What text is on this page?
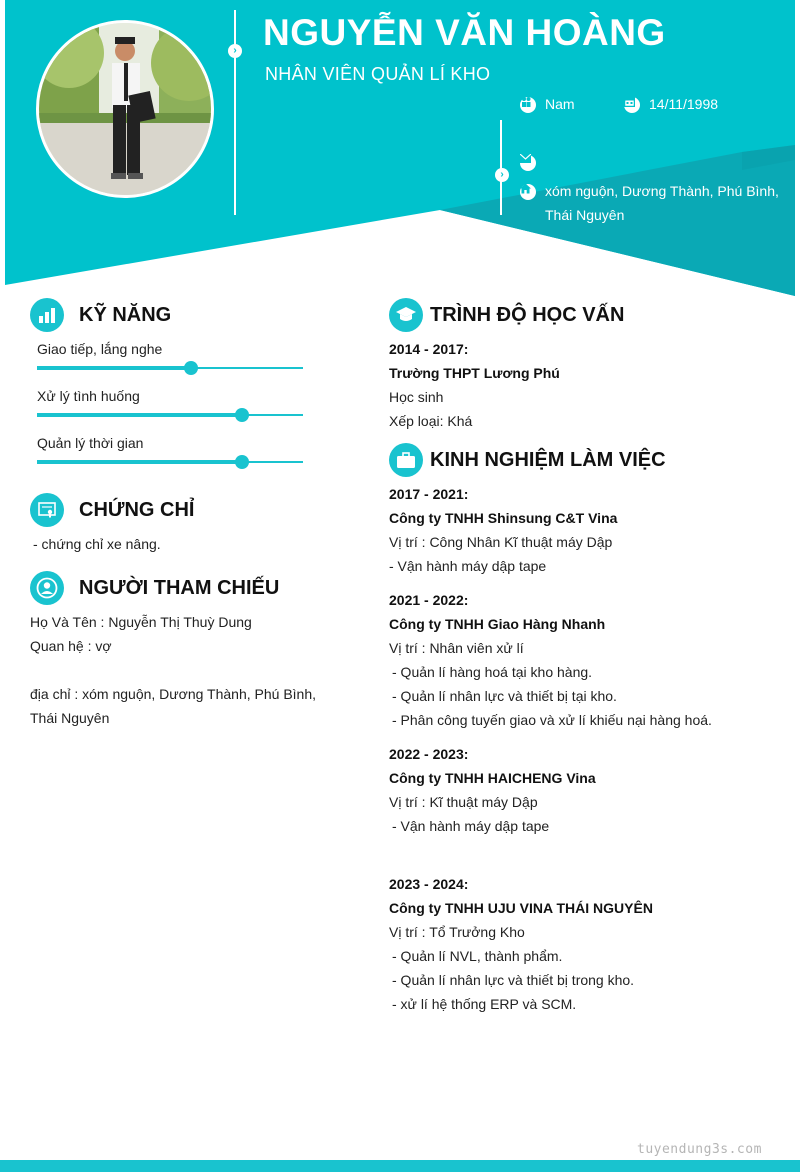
› NGUYỄN VĂN HOÀNG
NHÂN VIÊN QUẢN LÍ KHO
›
Nam	14/11/1998
xóm nguộn, Dương Thành, Phú Bình,
Thái Nguyên
KỸ NĂNG
Giao tiếp, lắng nghe
Xử lý tình huống
Quản lý thời gian
CHỨNG CHỈ
- chứng chỉ xe nâng.
NGƯỜI THAM CHIẾU
Họ Và Tên : Nguyễn Thị Thuỳ Dung
Quan hệ : vợ
địa chỉ : xóm nguộn, Dương Thành, Phú Bình,
Thái Nguyên
TRÌNH ĐỘ HỌC VẤN
2014 - 2017:
Trường THPT Lương Phú
Học sinh
Xếp loại: Khá
KINH NGHIỆM LÀM VIỆC
2017 - 2021:
Công ty TNHH Shinsung C&T Vina
Vị trí : Công Nhân Kĩ thuật máy Dập
- Vận hành máy dập tape
2021 - 2022:
Công ty TNHH Giao Hàng Nhanh
Vị trí : Nhân viên xử lí
- Quản lí hàng hoá tại kho hàng.
- Quản lí nhân lực và thiết bị tại kho.
- Phân công tuyến giao và xử lí khiếu nại hàng hoá.
2022 - 2023:
Công ty TNHH HAICHENG Vina
Vị trí : Kĩ thuật máy Dập
- Vận hành máy dập tape
2023 - 2024:
Công ty TNHH UJU VINA THÁI NGUYÊN
Vị trí : Tổ Trưởng Kho
- Quản lí NVL, thành phẩm.
- Quản lí nhân lực và thiết bị trong kho.
- xử lí hệ thống ERP và SCM.
tuyendung3s.com
